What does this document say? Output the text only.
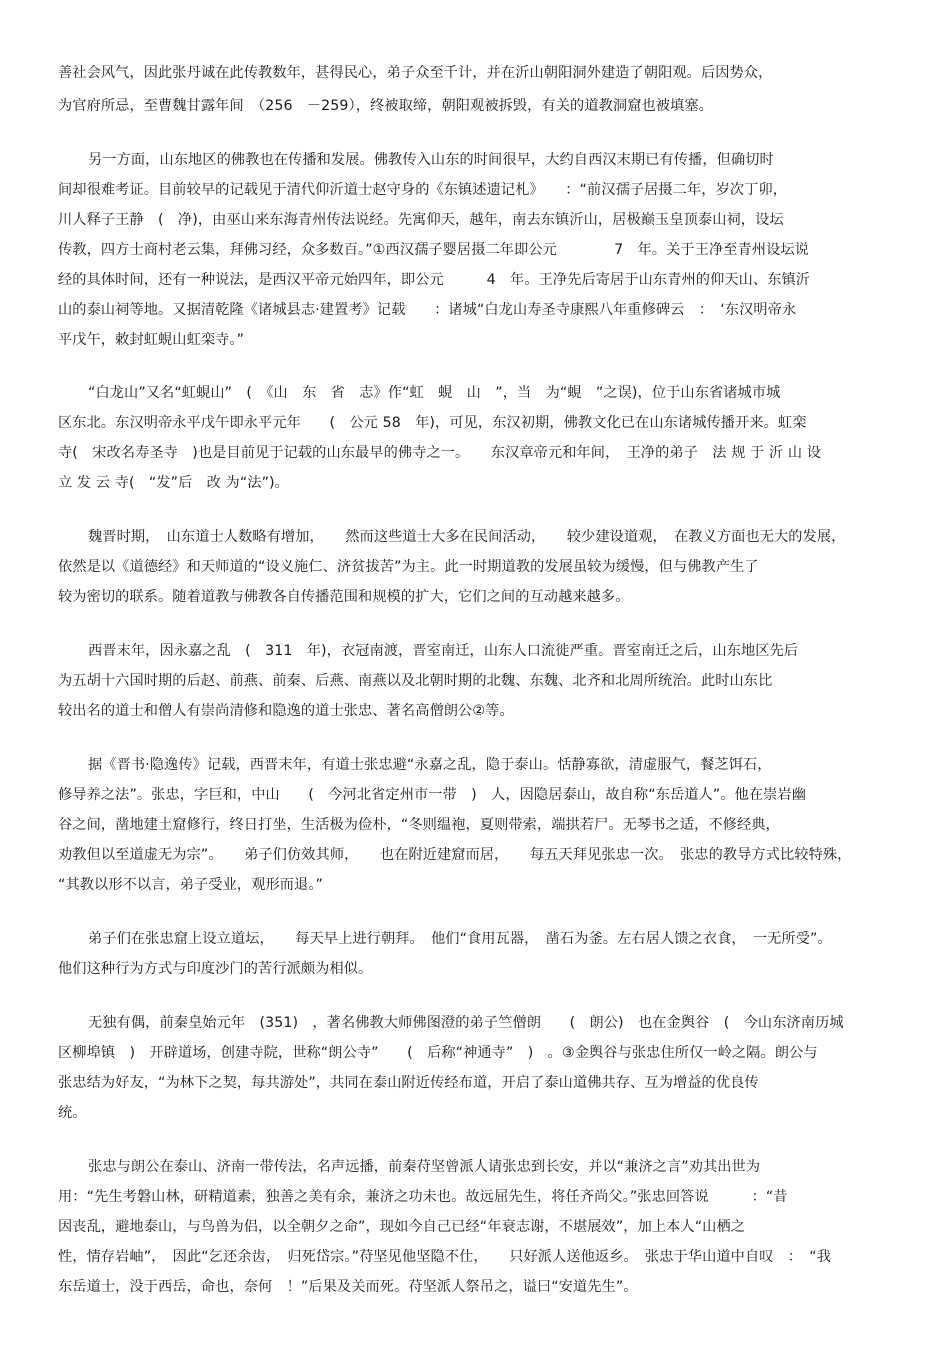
善社会风气，因此张丹诚在此传教数年，甚得民心，弟子众至千计，并在沂山朝阳洞外建造了朝阳观。后因势众，
为官府所忌，至曹魏甘露年间　（256　－259），终被取缔，朝阳观被拆毁，有关的道教洞窟也被填塞。
另一方面，山东地区的佛教也在传播和发展。佛教传入山东的时间很早，大约自西汉末期已有传播，但确切时
间却很难考证。目前较早的记载见于清代仰沂道士赵守身的《东镇述遗记札》　　：“前汉孺子居摄二年，岁次丁卯，
川人释子王静　(　净)，由巫山来东海青州传法说经。先寓仰天，越年，南去东镇沂山，居极巅玉皇顶泰山祠，设坛
传教，四方士商村老云集，拜佛习经，众多数百。”①西汉孺子婴居摄二年即公元　　　　7　年。关于王净至青州设坛说
经的具体时间，还有一种说法，是西汉平帝元始四年，即公元　　　4　年。王净先后寄居于山东青州的仰天山、东镇沂
山的泰山祠等地。又据清乾隆《诸城县志·建置考》记载　　：诸城“白龙山寿圣寺康熙八年重修碑云　：　‘东汉明帝永
平戊午，敕封虹蜆山虹栾寺。”
“白龙山”又名“虹蜆山”　(　《山　东　省　志》作“虹　蜆　山　”，当　为“蜆　”之误)，位于山东省诸城市城
区东北。东汉明帝永平戊午即永平元年　　(　公元 58　年)，可见，东汉初期，佛教文化已在山东诸城传播开来。虹栾
寺(　宋改名寿圣寺　)也是目前见于记载的山东最早的佛寺之一。　　东汉章帝元和年间，　王净的弟子　法 规 于 沂 山 设
立 发 云 寺(　“发”后　改 为“法”)。
魏晋时期，　山东道士人数略有增加，　　然而这些道士大多在民间活动，　　较少建设道观，　在教义方面也无大的发展，
依然是以《道德经》和天师道的“设义施仁、济贫拔苦”为主。此一时期道教的发展虽较为缓慢，但与佛教产生了
较为密切的联系。随着道教与佛教各自传播范围和规模的扩大，它们之间的互动越来越多。
西晋末年，因永嘉之乱　(　311　年)，衣冠南渡，晋室南迁，山东人口流徙严重。晋室南迁之后，山东地区先后
为五胡十六国时期的后赵、前燕、前秦、后燕、南燕以及北朝时期的北魏、东魏、北齐和北周所统治。此时山东比
较出名的道士和僧人有崇尚清修和隐逸的道士张忠、著名高僧朗公②等。
据《晋书·隐逸传》记载，西晋末年，有道士张忠避“永嘉之乱，隐于泰山。恬静寡欲，清虚服气，餐芝饵石，
修导养之法”。张忠，字巨和，中山　　(　今河北省定州市一带　)　人，因隐居泰山，故自称“东岳道人”。他在崇岩幽
谷之间，凿地建土窟修行，终日打坐，生活极为俭朴，“冬则缊袍，夏则带索，端拱若尸。无琴书之适，不修经典，
劝教但以至道虚无为宗”。　　弟子们仿效其师，　　也在附近建窟而居，　　每五天拜见张忠一次。　张忠的教导方式比较特殊，
“其教以形不以言，弟子受业，观形而退。”
弟子们在张忠窟上设立道坛，　　每天早上进行朝拜。　他们“食用瓦器，　凿石为釜。左右居人馈之衣食，　一无所受”。
他们这种行为方式与印度沙门的苦行派颇为相似。
无独有偶，前秦皇始元年　(351)　，著名佛教大师佛图澄的弟子竺僧朗　　(　朗公)　也在金舆谷　(　今山东济南历城
区柳埠镇　)　开辟道场，创建寺院，世称“朗公寺”　　(　后称“神通寺”　)　。③金舆谷与张忠住所仅一岭之隔。朗公与
张忠结为好友，“为林下之契，每共游处”，共同在泰山附近传经布道，开启了泰山道佛共存、互为增益的优良传
统。
张忠与朗公在泰山、济南一带传法，名声远播，前秦苻坚曾派人请张忠到长安，并以“兼济之言”劝其出世为
用：“先生考磐山林，研精道素，独善之美有余，兼济之功未也。故远屈先生，将任齐尚父。”张忠回答说　　　：“昔
因丧乱，避地泰山，与鸟兽为侣，以全朝夕之命”，现如今自己已经“年衰志谢，不堪展效”，加上本人“山栖之
性，情存岩岫”，　因此“乞还余齿，　归死岱宗。”苻坚见他坚隐不仕，　　只好派人送他返乡。　张忠于华山道中自叹　：　“我
东岳道士，没于西岳，命也，奈何　！”后果及关而死。苻坚派人祭吊之，谥曰“安道先生”。
